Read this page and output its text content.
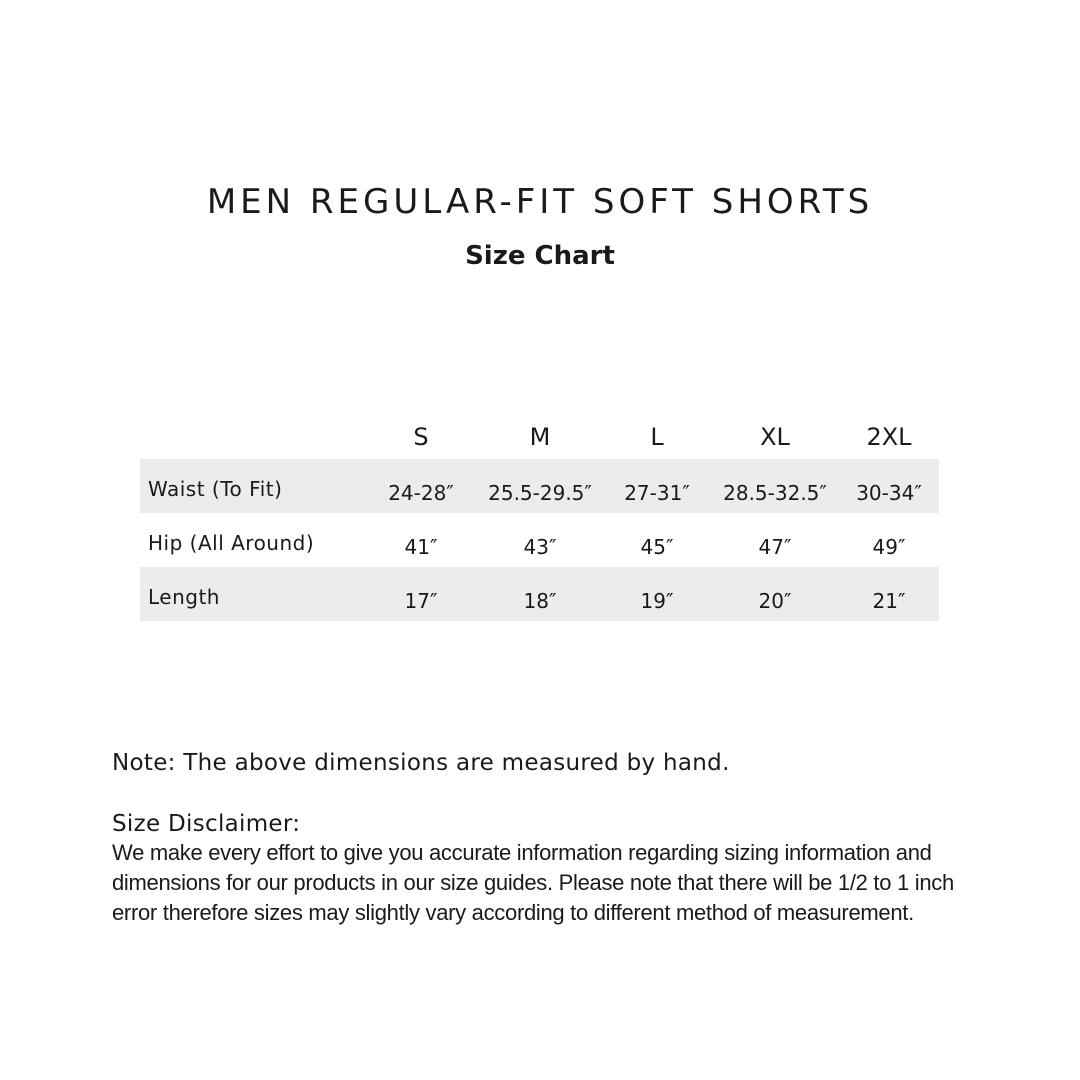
MEN REGULAR-FIT SOFT SHORTS
Size Chart
	S	M	L	XL	2XL
Waist (To Fit)	24-28″	25.5-29.5″	27-31″	28.5-32.5″	30-34″
Hip (All Around)	41″	43″	45″	47″	49″
Length	17″	18″	19″	20″	21″

Note: The above dimensions are measured by hand.

Size Disclaimer:

We make every effort to give you accurate information regarding sizing information and dimensions for our products in our size guides. Please note that there will be 1/2 to 1 inch error therefore sizes may slightly vary according to different method of measurement.
